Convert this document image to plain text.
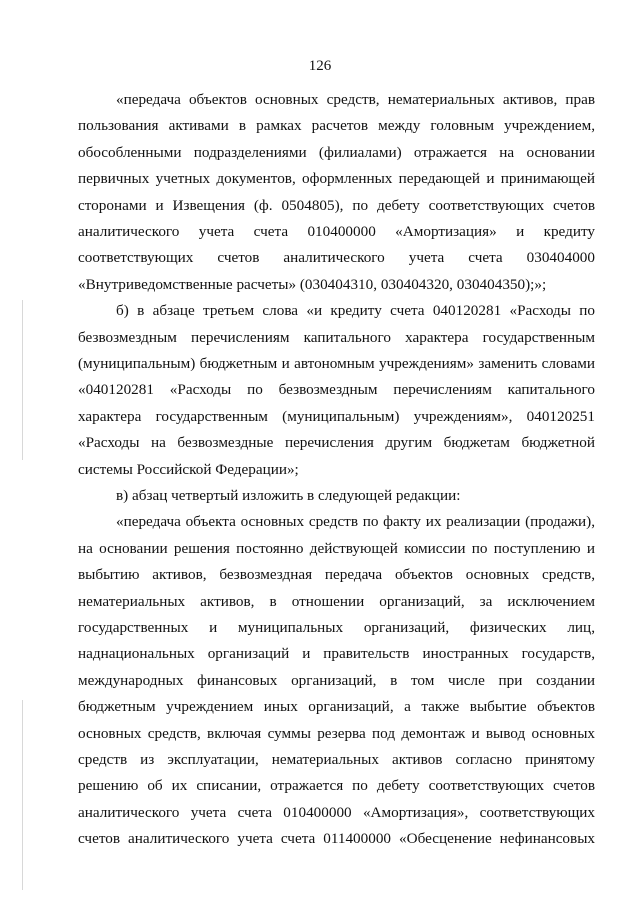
126
«передача объектов основных средств, нематериальных активов, прав
пользования активами в рамках расчетов между головным учреждением,
обособленными подразделениями (филиалами) отражается на основании
первичных учетных документов, оформленных передающей и принимающей
сторонами и Извещения (ф. 0504805), по дебету соответствующих счетов
аналитического учета счета 010400000 «Амортизация» и кредиту
соответствующих счетов аналитического учета счета 030404000
«Внутриведомственные расчеты» (030404310, 030404320, 030404350);»;
б) в абзаце третьем слова «и кредиту счета 040120281 «Расходы по
безвозмездным перечислениям капитального характера государственным
(муниципальным) бюджетным и автономным учреждениям» заменить словами
«040120281 «Расходы по безвозмездным перечислениям капитального
характера государственным (муниципальным) учреждениям», 040120251
«Расходы на безвозмездные перечисления другим бюджетам бюджетной
системы Российской Федерации»;
в) абзац четвертый изложить в следующей редакции:
«передача объекта основных средств по факту их реализации (продажи),
на основании решения постоянно действующей комиссии по поступлению и
выбытию активов, безвозмездная передача объектов основных средств,
нематериальных активов, в отношении организаций, за исключением
государственных и муниципальных организаций, физических лиц,
наднациональных организаций и правительств иностранных государств,
международных финансовых организаций, в том числе при создании
бюджетным учреждением иных организаций, а также выбытие объектов
основных средств, включая суммы резерва под демонтаж и вывод основных
средств из эксплуатации, нематериальных активов согласно принятому
решению об их списании, отражается по дебету соответствующих счетов
аналитического учета счета 010400000 «Амортизация», соответствующих
счетов аналитического учета счета 011400000 «Обесценение нефинансовых
